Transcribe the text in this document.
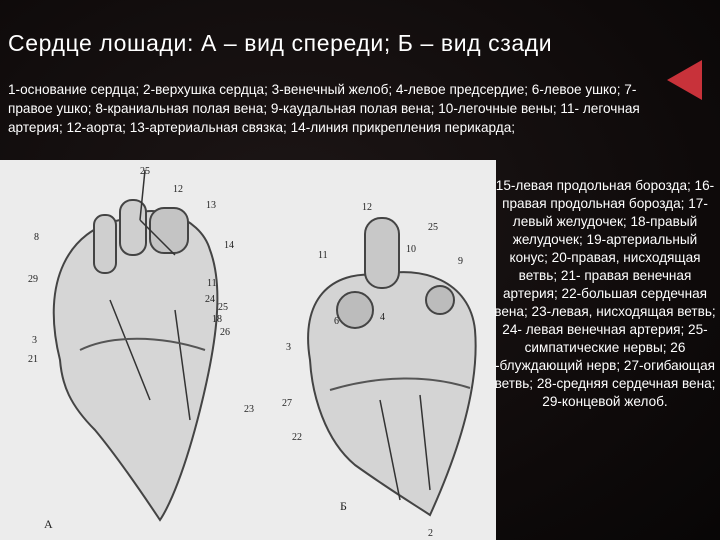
Сердце лошади: А – вид спереди; Б – вид сзади
1-основание сердца; 2-верхушка сердца; 3-венечный желоб; 4-левое предсердие; 6-левое ушко; 7-правое ушко; 8-краниальная полая вена; 9-каудальная полая вена; 10-легочные вены; 11- легочная артерия; 12-аорта; 13-артериальная связка; 14-линия прикрепления перикарда;
25
12
13
8
14
29	11
24
25
18
26
3
21
23
27
22
12
25
10
9
11
3
6	4
2
А
Б
15-левая продольная борозда; 16-правая продольная борозда; 17-левый желудочек; 18-правый желудочек; 19-артериальный конус; 20-правая, нисходящая ветвь; 21- правая венечная артерия; 22-большая сердечная вена; 23-левая, нисходящая ветвь; 24- левая венечная артерия; 25-симпатические нервы; 26 -блуждающий нерв; 27-огибающая ветвь; 28-средняя сердечная вена; 29-концевой желоб.
